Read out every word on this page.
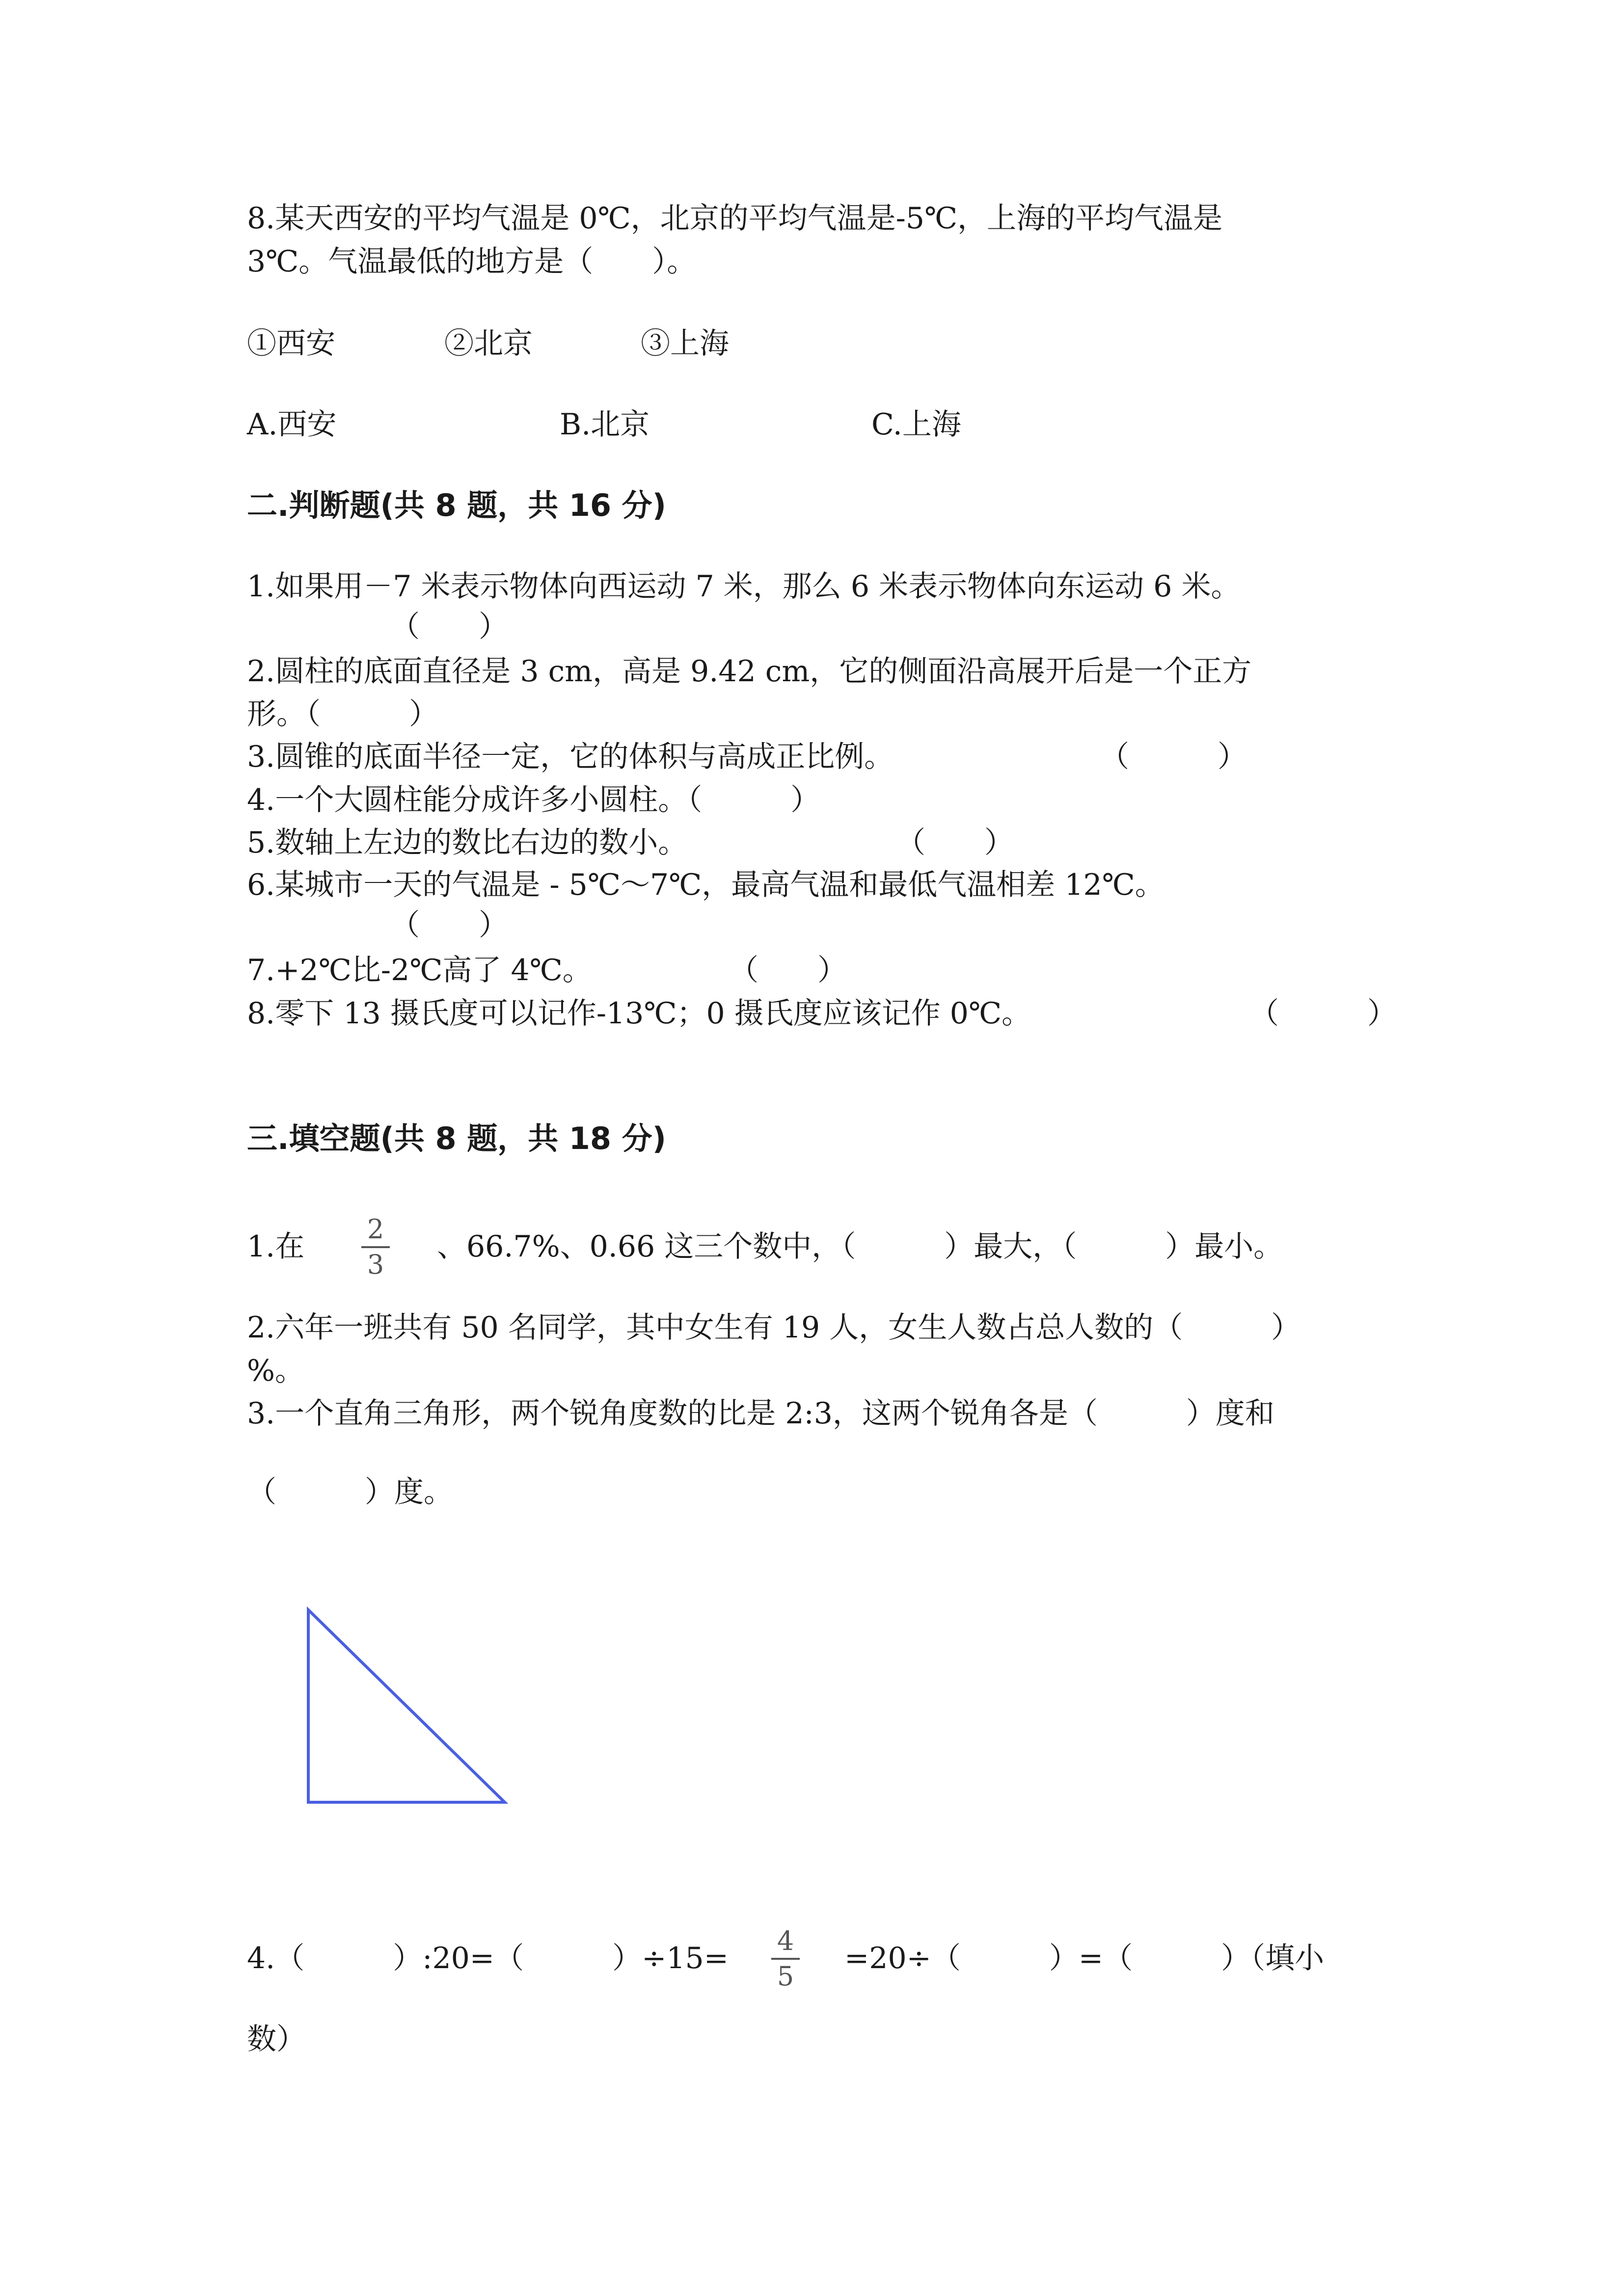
8.某天西安的平均气温是 0℃，北京的平均气温是-5℃，上海的平均气温是

3℃。气温最低的地方是（　　）。

①西安	②北京	③上海

A.西安	B.北京	C.上海

二.判断题(共 8 题，共 16 分)

1.如果用－7 米表示物体向西运动 7 米，那么 6 米表示物体向东运动 6 米。

（　　）

2.圆柱的底面直径是 3 cm，高是 9.42 cm，它的侧面沿高展开后是一个正方

形。（　　　）

3.圆锥的底面半径一定，它的体积与高成正比例。	（　　　）

4.一个大圆柱能分成许多小圆柱。（　　　）

5.数轴上左边的数比右边的数小。	（　　）

6.某城市一天的气温是 - 5℃～7℃，最高气温和最低气温相差 12℃。

（　　）

7.+2℃比-2℃高了 4℃。	（　　）

8.零下 13 摄氏度可以记作-13℃；0 摄氏度应该记作 0℃。	（　　　）

三.填空题(共 8 题，共 18 分)

1.在

2
3

、66.7%、0.66 这三个数中，（　　　）最大，（　　　）最小。

2.六年一班共有 50 名同学，其中女生有 19 人，女生人数占总人数的（　　　）

%。

3.一个直角三角形，两个锐角度数的比是 2:3，这两个锐角各是（　　　）度和

（　　　）度。

4.（　　　）:20=（　　　）÷15=

4
5

=20÷（　　　）=（　　　）（填小

数）
